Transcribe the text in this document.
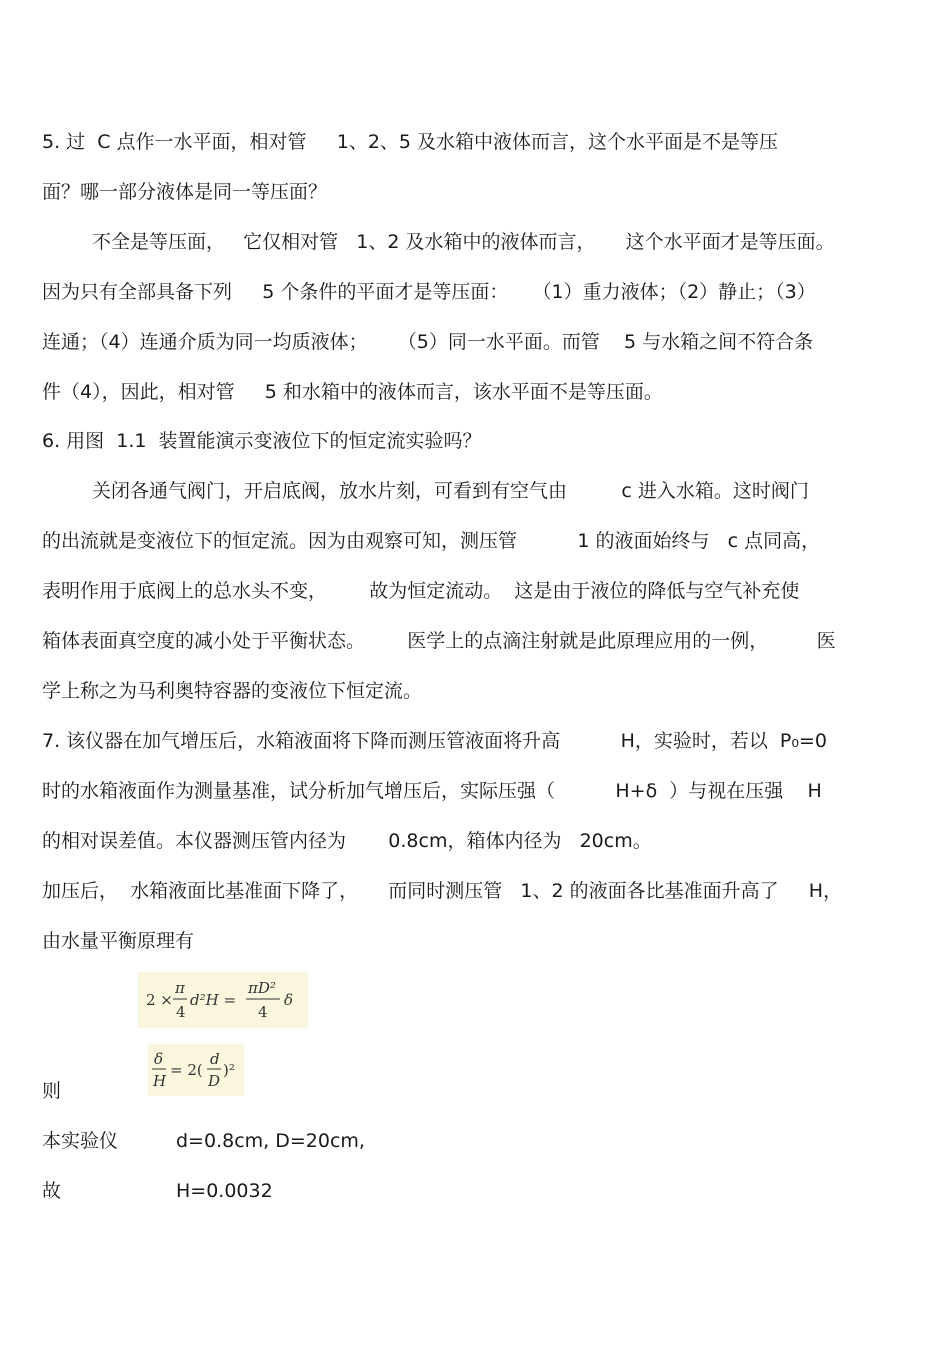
5. 过  C 点作一水平面，相对管     1、2、5 及水箱中液体而言，这个水平面是不是等压
面？哪一部分液体是同一等压面？
不全是等压面，   它仅相对管   1、2 及水箱中的液体而言，     这个水平面才是等压面。
因为只有全部具备下列     5 个条件的平面才是等压面：    （1）重力液体；（2）静止；（3）
连通；（4）连通介质为同一均质液体；     （5）同一水平面。而管    5 与水箱之间不符合条
件（4），因此，相对管     5 和水箱中的液体而言，该水平面不是等压面。
6. 用图  1.1  装置能演示变液位下的恒定流实验吗？
关闭各通气阀门，开启底阀，放水片刻，可看到有空气由         c 进入水箱。这时阀门
的出流就是变液位下的恒定流。因为由观察可知，测压管          1 的液面始终与   c 点同高，
表明作用于底阀上的总水头不变，       故为恒定流动。  这是由于液位的降低与空气补充使
箱体表面真空度的减小处于平衡状态。       医学上的点滴注射就是此原理应用的一例，        医
学上称之为马利奥特容器的变液位下恒定流。
7. 该仪器在加气增压后，水箱液面将下降而测压管液面将升高          H，实验时，若以  P₀=0
时的水箱液面作为测量基准，试分析加气增压后，实际压强（          H+δ  ）与视在压强    H
的相对误差值。本仪器测压管内径为       0.8cm，箱体内径为   20cm。
加压后，  水箱液面比基准面下降了，     而同时测压管   1、2 的液面各比基准面升高了     H，
由水量平衡原理有
2 ×
π
4
d²H =
πD²
4
δ
则
δ
H
= 2(
d
D
)²
本实验仪	d=0.8cm, D=20cm,
故	H=0.0032
